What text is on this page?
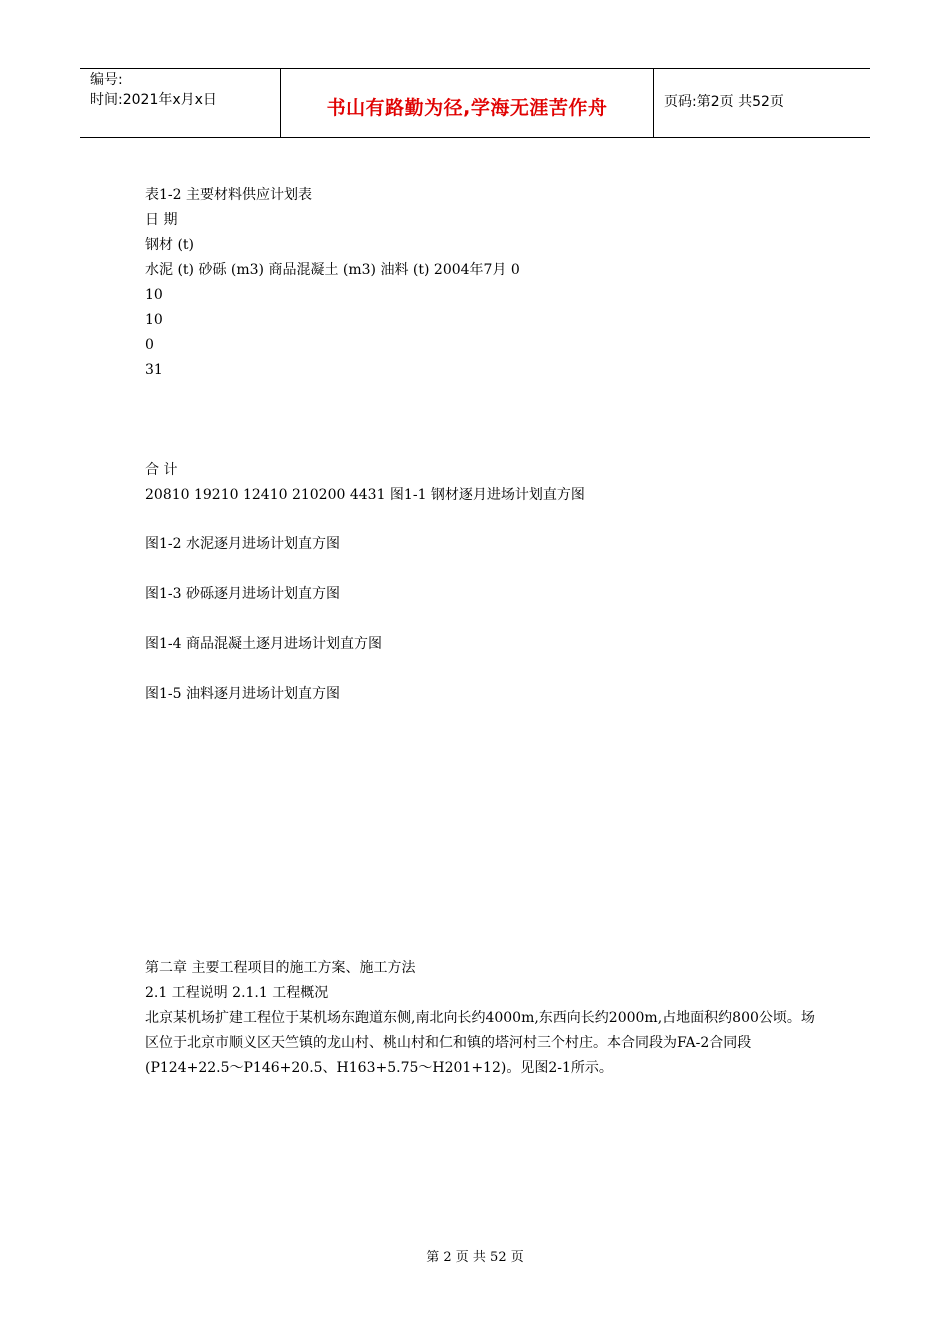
编号:
时间:2021年x月x日	书山有路勤为径,学海无涯苦作舟	页码:第2页 共52页
表1-2 主要材料供应计划表
日 期
钢材 (t)
水泥 (t) 砂砾 (m3) 商品混凝土 (m3) 油料 (t) 2004年7月 0
10
10
0
31
合 计
20810 19210 12410 210200 4431 图1-1 钢材逐月进场计划直方图
图1-2 水泥逐月进场计划直方图
图1-3 砂砾逐月进场计划直方图
图1-4 商品混凝土逐月进场计划直方图
图1-5 油料逐月进场计划直方图
第二章 主要工程项目的施工方案、施工方法
2.1 工程说明 2.1.1 工程概况
北京某机场扩建工程位于某机场东跑道东侧,南北向长约4000m,东西向长约2000m,占地面积约800公顷。场区位于北京市顺义区天竺镇的龙山村、桃山村和仁和镇的塔河村三个村庄。本合同段为FA-2合同段(P124+22.5～P146+20.5、H163+5.75～H201+12)。见图2-1所示。
第 2 页 共 52 页
